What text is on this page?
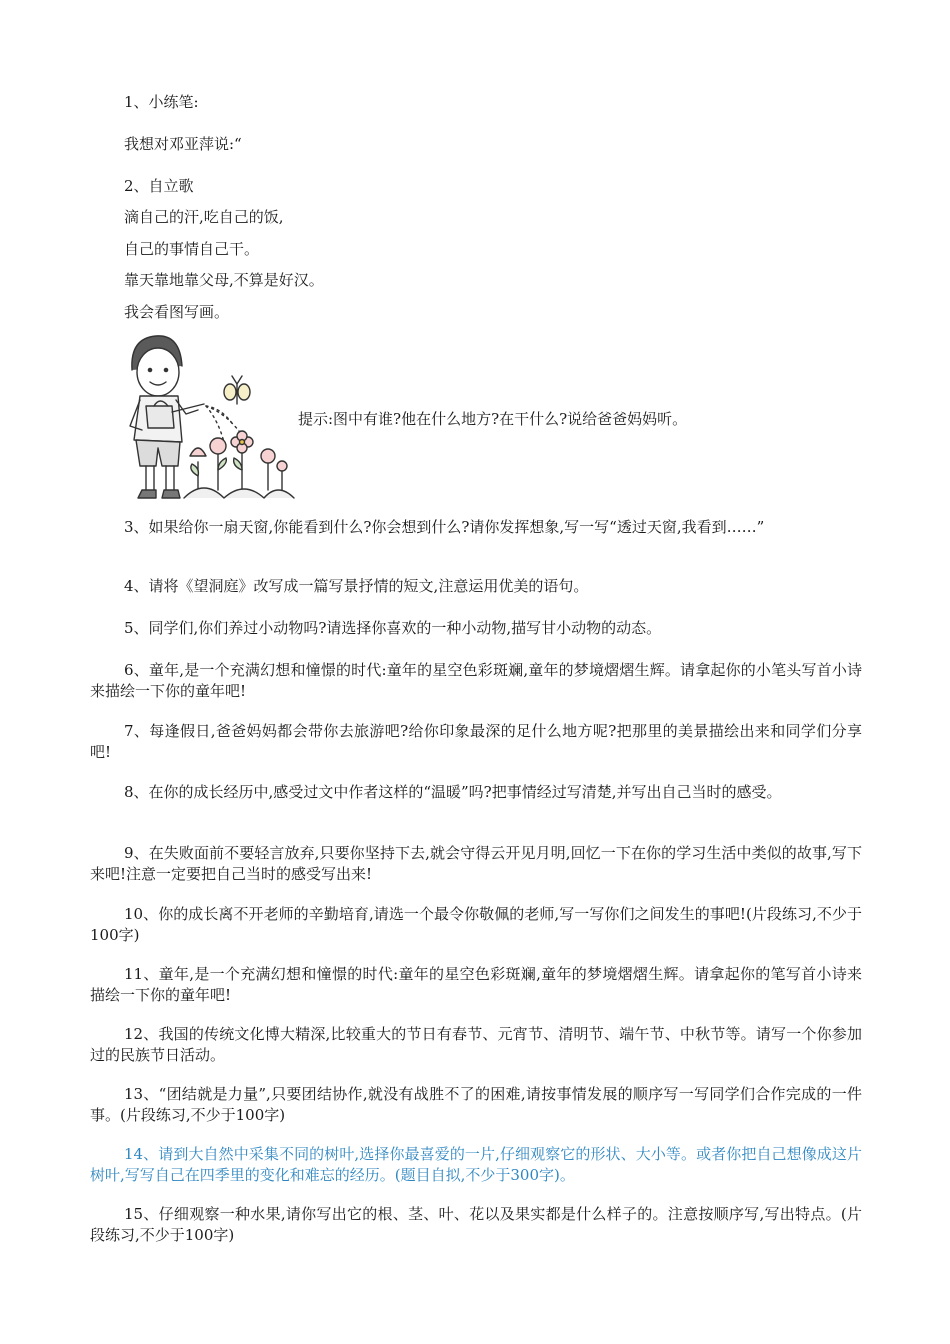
1、小练笔:
我想对邓亚萍说:“
2、自立歌
滴自己的汗,吃自己的饭,
自己的事情自己干。
靠天靠地靠父母,不算是好汉。
我会看图写画。
提示:图中有谁?他在什么地方?在干什么?说给爸爸妈妈听。
3、如果给你一扇天窗,你能看到什么?你会想到什么?请你发挥想象,写一写“透过天窗,我看到……”
4、请将《望洞庭》改写成一篇写景抒情的短文,注意运用优美的语句。
5、同学们,你们养过小动物吗?请选择你喜欢的一种小动物,描写甘小动物的动态。
6、童年,是一个充满幻想和憧憬的时代:童年的星空色彩斑斓,童年的梦境熠熠生辉。请拿起你的小笔头写首小诗来描绘一下你的童年吧!
7、每逢假日,爸爸妈妈都会带你去旅游吧?给你印象最深的足什么地方呢?把那里的美景描绘出来和同学们分享吧!
8、在你的成长经历中,感受过文中作者这样的“温暖”吗?把事情经过写清楚,并写出自己当时的感受。
9、在失败面前不要轻言放弃,只要你坚持下去,就会守得云开见月明,回忆一下在你的学习生活中类似的故事,写下来吧!注意一定要把自己当时的感受写出来!
10、你的成长离不开老师的辛勤培育,请选一个最令你敬佩的老师,写一写你们之间发生的事吧!(片段练习,不少于100字)
11、童年,是一个充满幻想和憧憬的时代:童年的星空色彩斑斓,童年的梦境熠熠生辉。请拿起你的笔写首小诗来描绘一下你的童年吧!
12、我国的传统文化博大精深,比较重大的节日有春节、元宵节、清明节、端午节、中秋节等。请写一个你参加过的民族节日活动。
13、“团结就是力量”,只要团结协作,就没有战胜不了的困难,请按事情发展的顺序写一写同学们合作完成的一件事。(片段练习,不少于100字)
14、请到大自然中采集不同的树叶,选择你最喜爱的一片,仔细观察它的形状、大小等。或者你把自己想像成这片树叶,写写自己在四季里的变化和难忘的经历。(题目自拟,不少于300字)。
15、仔细观察一种水果,请你写出它的根、茎、叶、花以及果实都是什么样子的。注意按顺序写,写出特点。(片段练习,不少于100字)
